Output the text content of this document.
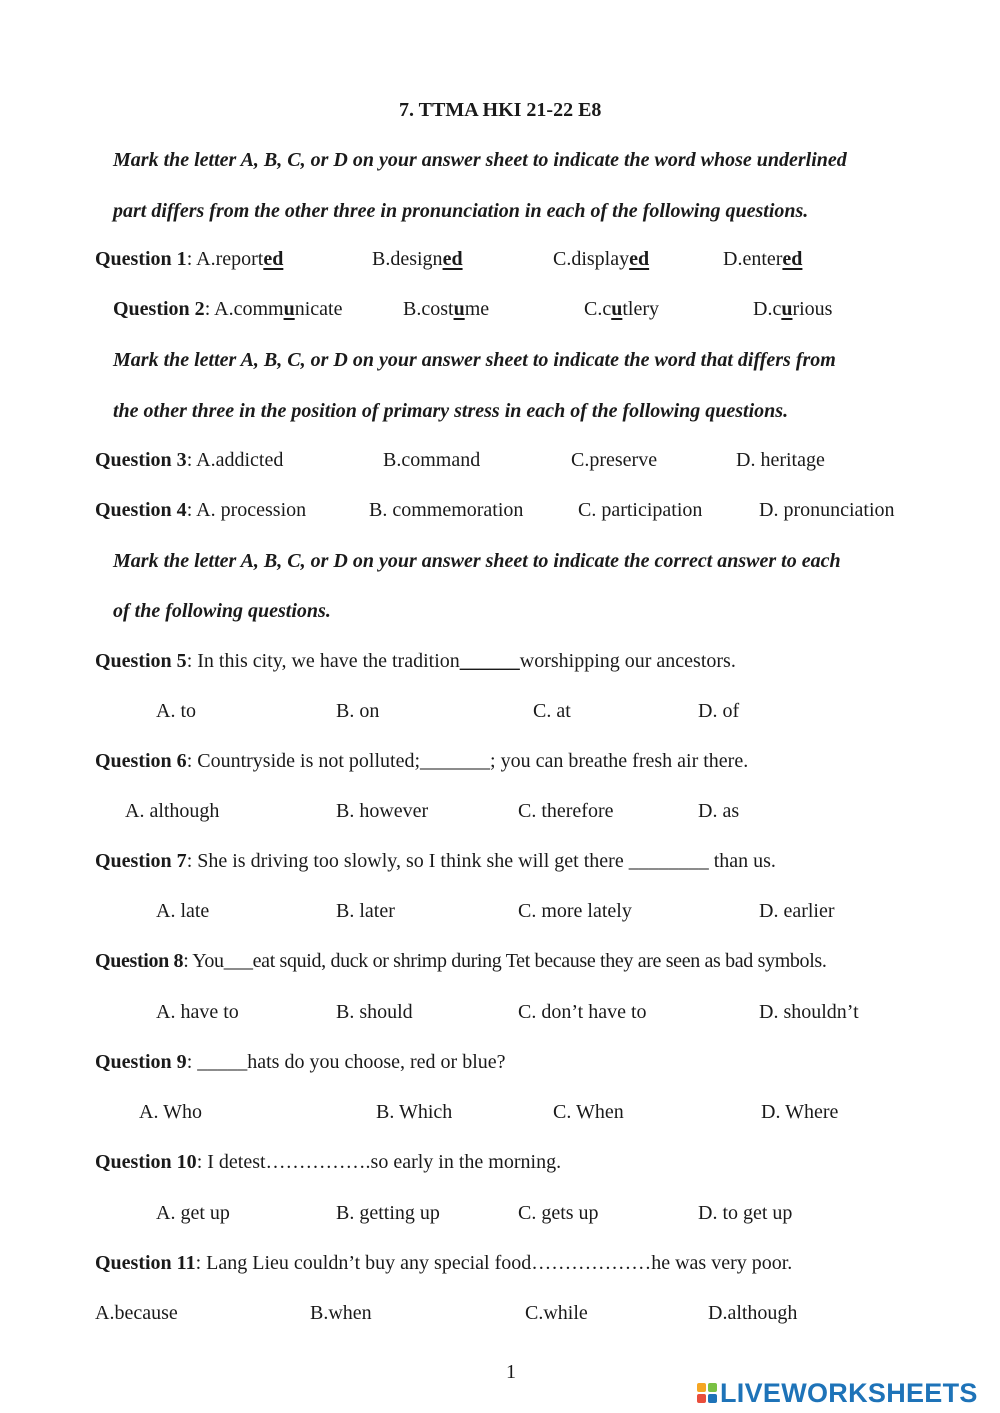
7. TTMA HKI 21-22 E8
Mark the letter A, B, C, or D on your answer sheet to indicate the word whose underlined
part differs from the other three in pronunciation in each of the following questions.
Question 1: A.reported	B.designed	C.displayed	D.entered
Question 2: A.communicate	B.costume	C.cutlery	D.curious
Mark the letter A, B, C, or D on your answer sheet to indicate the word that differs from
the other three in the position of primary stress in each of the following questions.
Question 3: A.addicted	B.command	C.preserve	D. heritage
Question 4: A. procession	B. commemoration	C. participation	D. pronunciation
Mark the letter A, B, C, or D on your answer sheet to indicate the correct answer to each
of the following questions.
Question 5: In this city, we have the tradition______worshipping our ancestors.
A. to	B. on	C. at	D. of
Question 6: Countryside is not polluted;_______; you can breathe fresh air there.
A. although	B. however	C. therefore	D. as
Question 7: She is driving too slowly, so I think she will get there ________ than us.
A. late	B. later	C. more lately	D. earlier
Question 8: You___eat squid, duck or shrimp during Tet because they are seen as bad symbols.
A. have to	B. should	C. don’t have to	D. shouldn’t
Question 9: _____hats do you choose, red or blue?
A. Who	B. Which	C. When	D. Where
Question 10: I detest…………….so early in the morning.
A. get up	B. getting up	C. gets up	D. to get up
Question 11: Lang Lieu couldn’t buy any special food………………he was very poor.
A.because	B.when	C.while	D.although
1
LIVEWORKSHEETS
